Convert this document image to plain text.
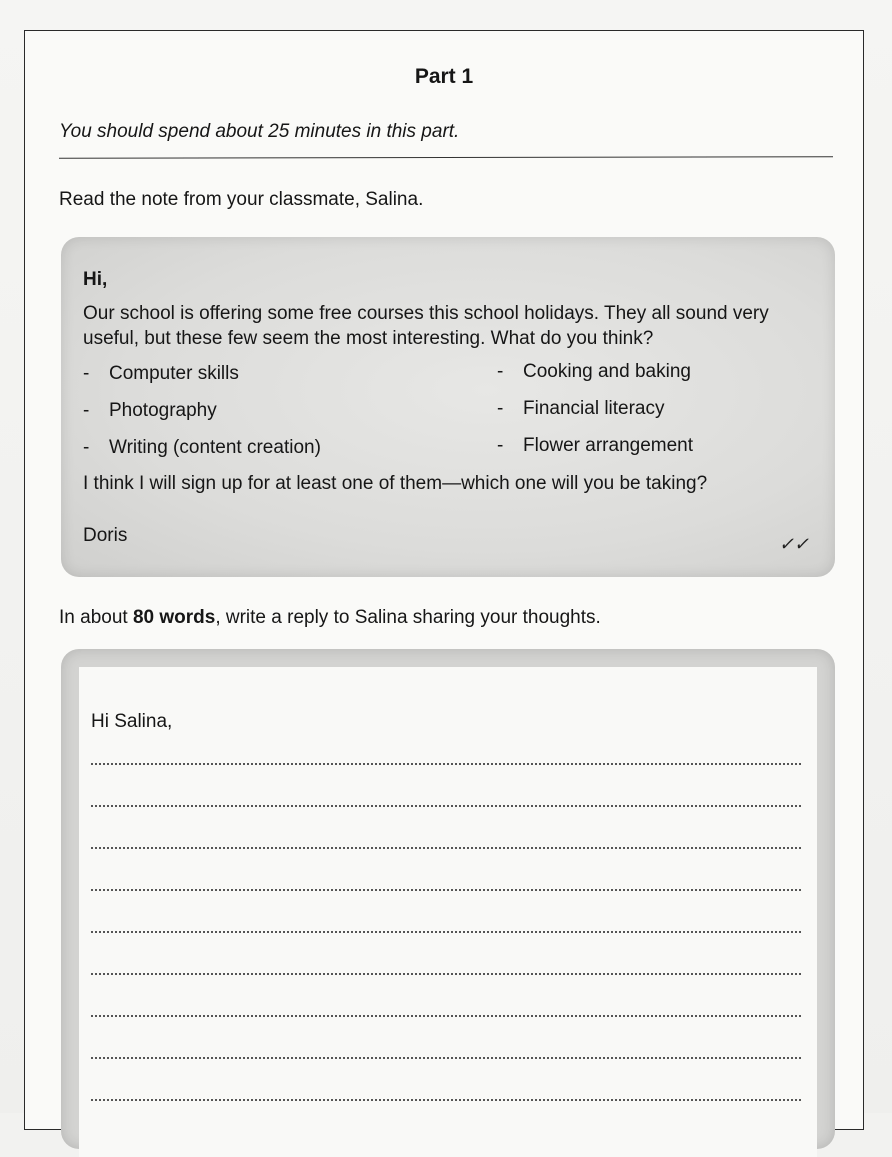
Part 1
You should spend about 25 minutes in this part.
Read the note from your classmate, Salina.
Hi,
Our school is offering some free courses this school holidays. They all sound very useful, but these few seem the most interesting. What do you think?
- Computer skills
- Photography
- Writing (content creation)
- Cooking and baking
- Financial literacy
- Flower arrangement
I think I will sign up for at least one of them—which one will you be taking?
Doris	✓✓
In about 80 words, write a reply to Salina sharing your thoughts.
Hi Salina,
